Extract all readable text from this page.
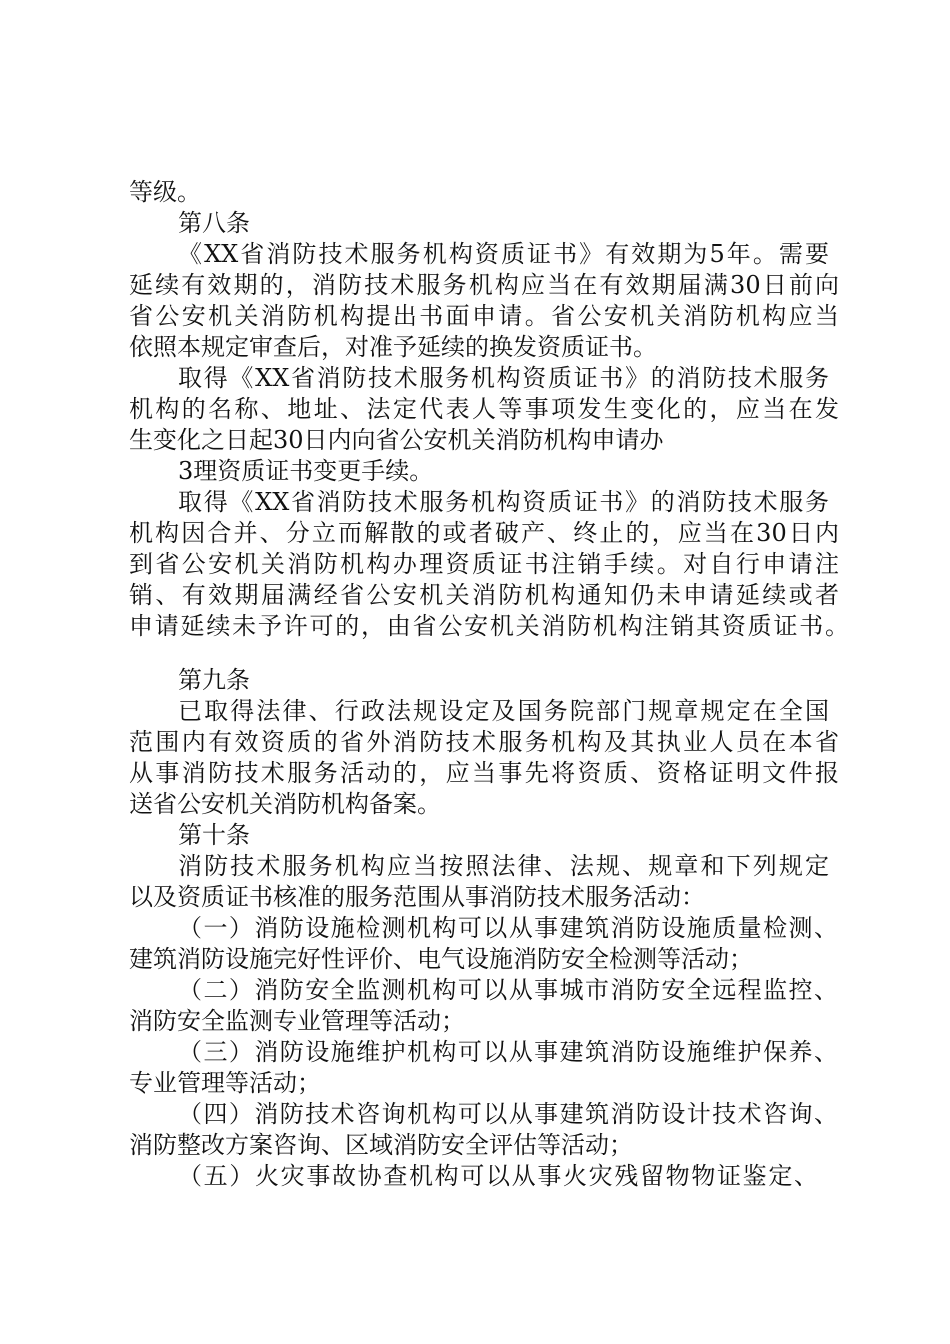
等级。
第八条
《XX省消防技术服务机构资质证书》有效期为5年。需要
延续有效期的，消防技术服务机构应当在有效期届满30日前向
省公安机关消防机构提出书面申请。省公安机关消防机构应当
依照本规定审查后，对准予延续的换发资质证书。
取得《XX省消防技术服务机构资质证书》的消防技术服务
机构的名称、地址、法定代表人等事项发生变化的，应当在发
生变化之日起30日内向省公安机关消防机构申请办
3理资质证书变更手续。
取得《XX省消防技术服务机构资质证书》的消防技术服务
机构因合并、分立而解散的或者破产、终止的，应当在30日内
到省公安机关消防机构办理资质证书注销手续。对自行申请注
销、有效期届满经省公安机关消防机构通知仍未申请延续或者
申请延续未予许可的，由省公安机关消防机构注销其资质证书。
第九条
已取得法律、行政法规设定及国务院部门规章规定在全国
范围内有效资质的省外消防技术服务机构及其执业人员在本省
从事消防技术服务活动的，应当事先将资质、资格证明文件报
送省公安机关消防机构备案。
第十条
消防技术服务机构应当按照法律、法规、规章和下列规定
以及资质证书核准的服务范围从事消防技术服务活动：
（一）消防设施检测机构可以从事建筑消防设施质量检测、
建筑消防设施完好性评价、电气设施消防安全检测等活动；
（二）消防安全监测机构可以从事城市消防安全远程监控、
消防安全监测专业管理等活动；
（三）消防设施维护机构可以从事建筑消防设施维护保养、
专业管理等活动；
（四）消防技术咨询机构可以从事建筑消防设计技术咨询、
消防整改方案咨询、区域消防安全评估等活动；
（五）火灾事故协查机构可以从事火灾残留物物证鉴定、
